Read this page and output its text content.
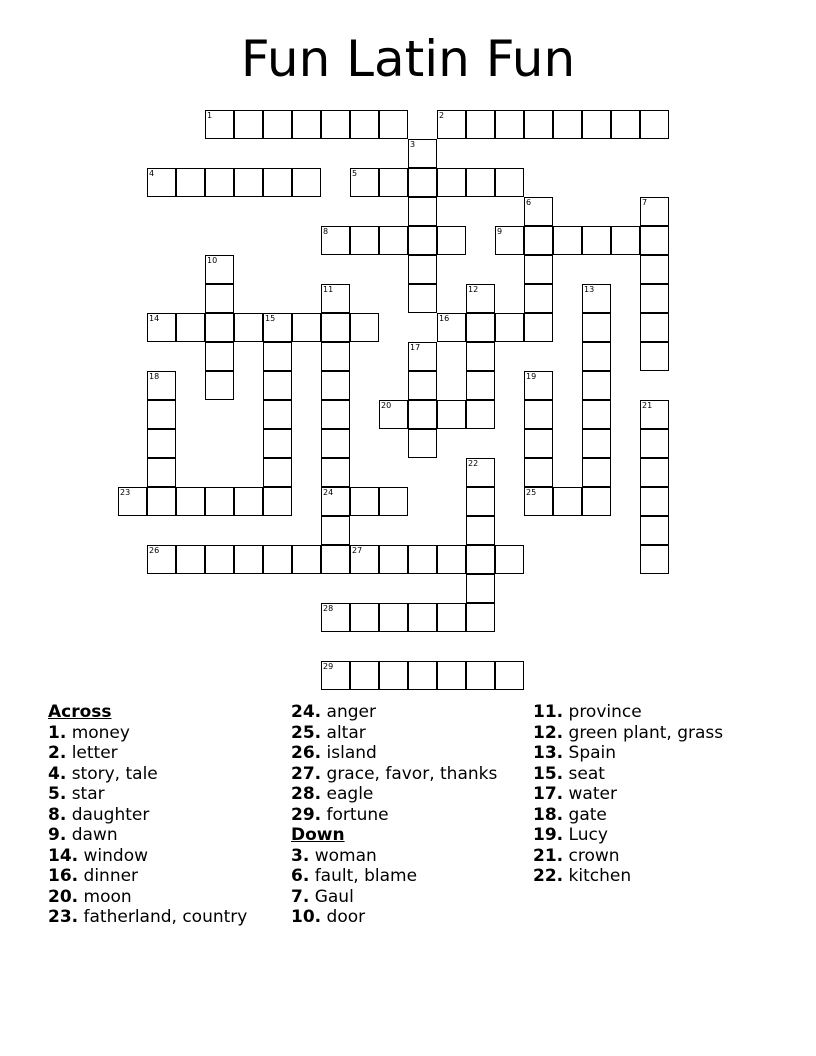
Fun Latin Fun
1	2
3
4	5
6	7
8	9
10
11	12	13
14	15	16
17
18	19
20	21
22
23	24	25
26	27
28
29
Across
1. money
2. letter
4. story, tale
5. star
8. daughter
9. dawn
14. window
16. dinner
20. moon
23. fatherland, country
24. anger
25. altar
26. island
27. grace, favor, thanks
28. eagle
29. fortune
Down
3. woman
6. fault, blame
7. Gaul
10. door
11. province
12. green plant, grass
13. Spain
15. seat
17. water
18. gate
19. Lucy
21. crown
22. kitchen
